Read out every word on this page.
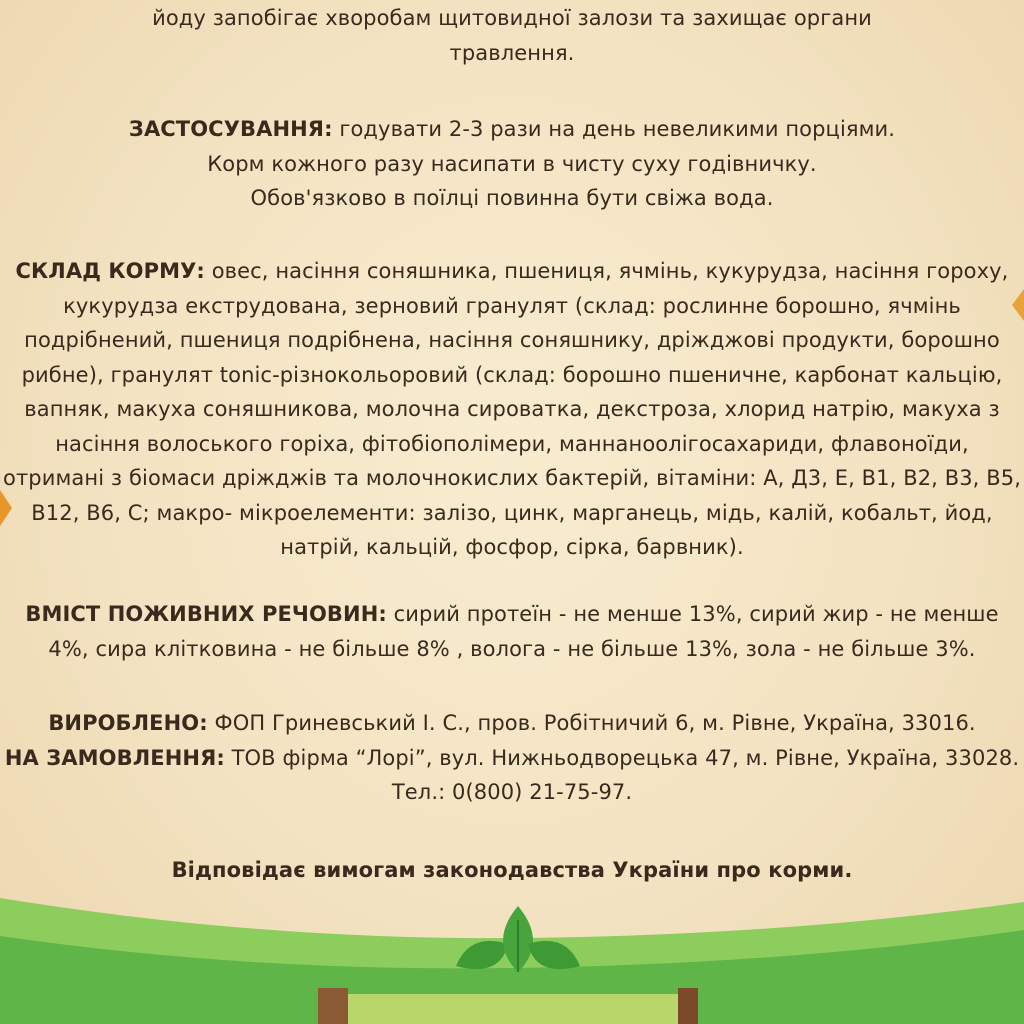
йоду запобігає хворобам щитовидної залози та захищає органи

травлення.

ЗАСТОСУВАННЯ: годувати 2-3 рази на день невеликими порціями.

Корм кожного разу насипати в чисту суху годівничку.

Обов'язково в поїлці повинна бути свіжа вода.

СКЛАД КОРМУ: овес, насіння соняшника, пшениця, ячмінь, кукурудза, насіння гороху,

кукурудза екструдована, зерновий гранулят (склад: рослинне борошно, ячмінь

подрібнений, пшениця подрібнена, насіння соняшнику, дріжджові продукти, борошно

рибне), гранулят tonic-різнокольоровий (склад: борошно пшеничне, карбонат кальцію,

вапняк, макуха соняшникова, молочна сироватка, декстроза, хлорид натрію, макуха з

насіння волоського горіха, фітобіополімери, маннаноолігосахариди, флавоноїди,

отримані з біомаси дріжджів та молочнокислих бактерій, вітаміни: А, Д3, Е, В1, В2, В3, В5,

В12, В6, С; макро- мікроелементи: залізо, цинк, марганець, мідь, калій, кобальт, йод,

натрій, кальцій, фосфор, сірка, барвник).

ВМІСТ ПОЖИВНИХ РЕЧОВИН: сирий протеїн - не менше 13%, сирий жир - не менше

4%, сира клітковина - не більше 8% , волога - не більше 13%, зола - не більше 3%.

ВИРОБЛЕНО: ФОП Гриневський І. С., пров. Робітничий 6, м. Рівне, Україна, 33016.

НА ЗАМОВЛЕННЯ: ТОВ фірма “Лорі”, вул. Нижньодворецька 47, м. Рівне, Україна, 33028.

Тел.: 0(800) 21-75-97.

Відповідає вимогам законодавства України про корми.
